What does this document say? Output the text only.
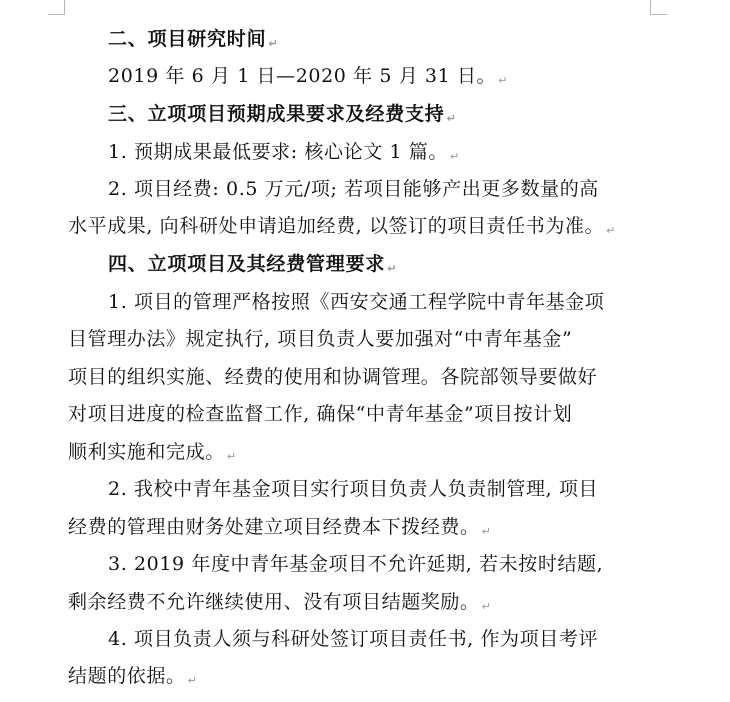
二、项目研究时间 ↵
2019 年 6 月 1 日—2020 年 5 月 31 日。 ↵
三、立项项目预期成果要求及经费支持 ↵
1. 预期成果最低要求: 核心论文 1 篇。 ↵
2. 项目经费: 0.5 万元/项; 若项目能够产出更多数量的高
水平成果, 向科研处申请追加经费, 以签订的项目责任书为准。 ↵
四、立项项目及其经费管理要求 ↵
1. 项目的管理严格按照《西安交通工程学院中青年基金项
目管理办法》规定执行, 项目负责人要加强对“中青年基金”
项目的组织实施、经费的使用和协调管理。各院部领导要做好
对项目进度的检查监督工作, 确保“中青年基金”项目按计划
顺利实施和完成。 ↵
2. 我校中青年基金项目实行项目负责人负责制管理, 项目
经费的管理由财务处建立项目经费本下拨经费。 ↵
3. 2019 年度中青年基金项目不允许延期, 若未按时结题,
剩余经费不允许继续使用、没有项目结题奖励。 ↵
4. 项目负责人须与科研处签订项目责任书, 作为项目考评
结题的依据。 ↵
